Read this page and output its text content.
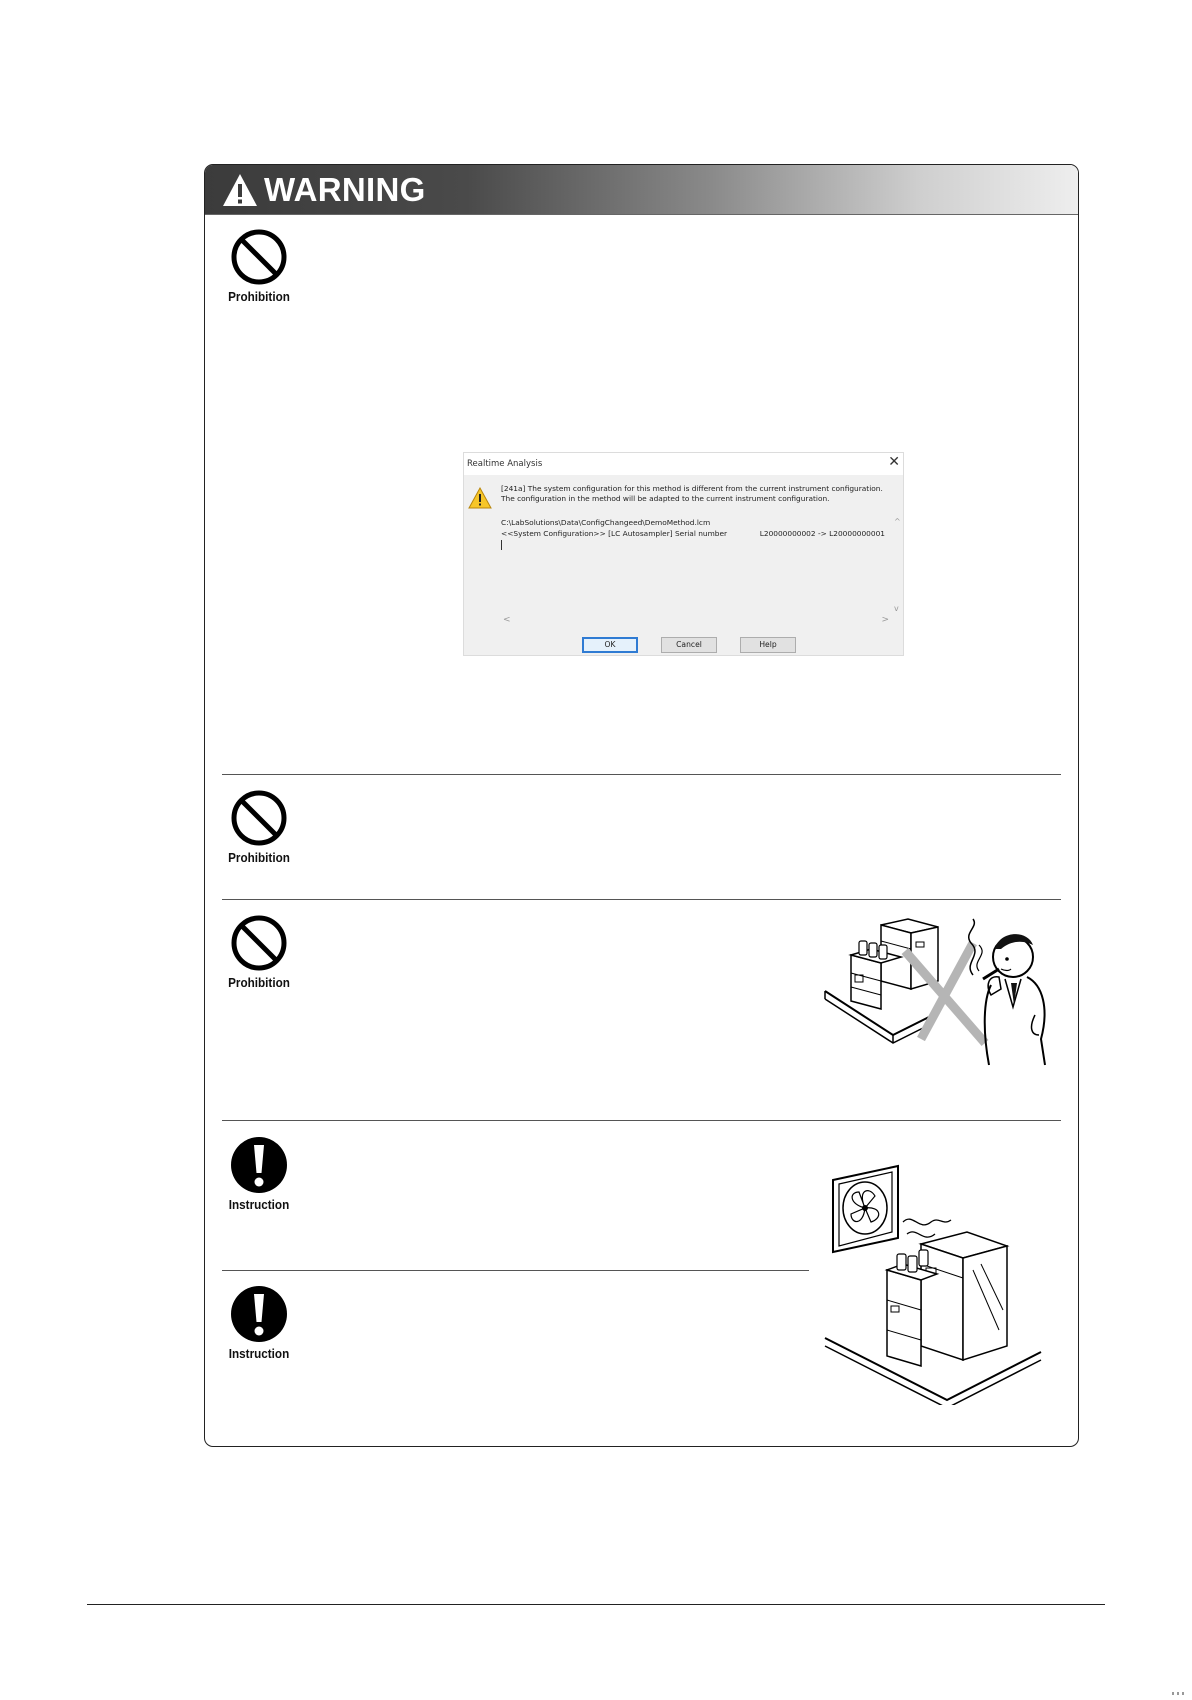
WARNING
Prohibition
Realtime Analysis	✕
[241a] The system configuration for this method is different from the current instrument configuration.
The configuration in the method will be adapted to the current instrument configuration.
C:\LabSolutions\Data\ConfigChangeed\DemoMethod.lcm
<<System Configuration>> [LC Autosampler] Serial number	L20000000002 -> L20000000001
^
v
<	>
OK	Cancel	Help
Prohibition
Prohibition
Instruction
Instruction
